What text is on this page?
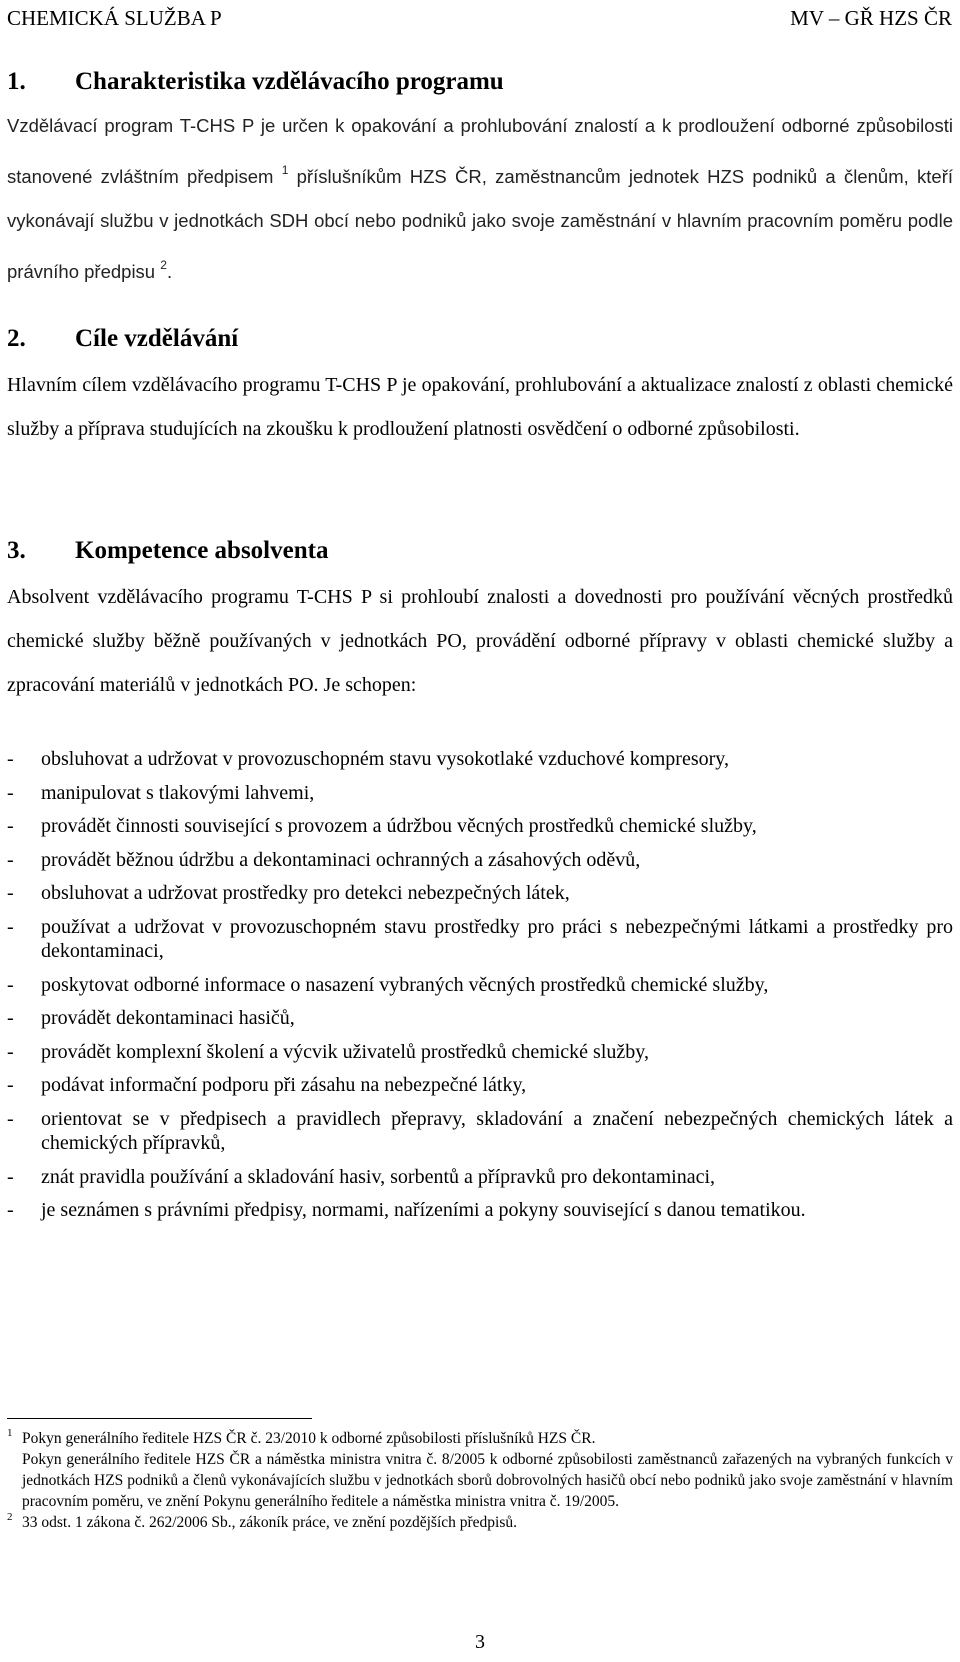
CHEMICKÁ SLUŽBA P	MV – GŘ HZS ČR
1. Charakteristika vzdělávacího programu
Vzdělávací program T-CHS P je určen k opakování a prohlubování znalostí a k prodloužení odborné způsobilosti stanovené zvláštním předpisem $^1$ příslušníkům HZS ČR, zaměstnancům jednotek HZS podniků a členům, kteří vykonávají službu v jednotkách SDH obcí nebo podniků jako svoje zaměstnání v hlavním pracovním poměru podle právního předpisu $^2$.
2. Cíle vzdělávání
Hlavním cílem vzdělávacího programu T-CHS P je opakování, prohlubování a aktualizace znalostí z oblasti chemické služby a příprava studujících na zkoušku k prodloužení platnosti osvědčení o odborné způsobilosti.
3. Kompetence absolventa
Absolvent vzdělávacího programu T-CHS P si prohloubí znalosti a dovednosti pro používání věcných prostředků chemické služby běžně používaných v jednotkách PO, provádění odborné přípravy v oblasti chemické služby a zpracování materiálů v jednotkách PO. Je schopen:
- obsluhovat a udržovat v provozuschopném stavu vysokotlaké vzduchové kompresory,
- manipulovat s tlakovými lahvemi,
- provádět činnosti související s provozem a údržbou věcných prostředků chemické služby,
- provádět běžnou údržbu a dekontaminaci ochranných a zásahových oděvů,
- obsluhovat a udržovat prostředky pro detekci nebezpečných látek,
- používat a udržovat v provozuschopném stavu prostředky pro práci s nebezpečnými látkami a prostředky pro dekontaminaci,
- poskytovat odborné informace o nasazení vybraných věcných prostředků chemické služby,
- provádět dekontaminaci hasičů,
- provádět komplexní školení a výcvik uživatelů prostředků chemické služby,
- podávat informační podporu při zásahu na nebezpečné látky,
- orientovat se v předpisech a pravidlech přepravy, skladování a značení nebezpečných chemických látek a chemických přípravků,
- znát pravidla používání a skladování hasiv, sorbentů a přípravků pro dekontaminaci,
- je seznámen s právními předpisy, normami, nařízeními a pokyny související s danou tematikou.
1 Pokyn generálního ředitele HZS ČR č. 23/2010 k odborné způsobilosti příslušníků HZS ČR.
Pokyn generálního ředitele HZS ČR a náměstka ministra vnitra č. 8/2005 k odborné způsobilosti zaměstnanců zařazených na vybraných funkcích v jednotkách HZS podniků a členů vykonávajících službu v jednotkách sborů dobrovolných hasičů obcí nebo podniků jako svoje zaměstnání v hlavním pracovním poměru, ve znění Pokynu generálního ředitele a náměstka ministra vnitra č. 19/2005.
2 33 odst. 1 zákona č. 262/2006 Sb., zákoník práce, ve znění pozdějších předpisů.
3
